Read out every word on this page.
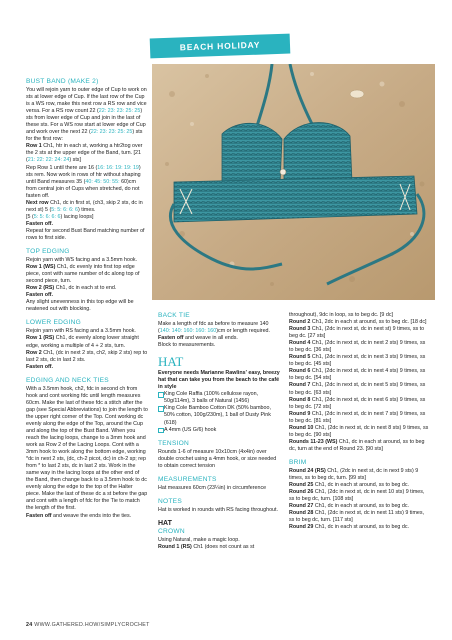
BEACH HOLIDAY
BUST BAND (MAKE 2)

You will rejoin yarn to outer edge of Cup to work on sts at lower edge of Cup. If the last row of the Cup is a WS row, make this next row a RS row and vice versa. For a RS row count 22 (22: 23: 23: 25: 25) sts from lower edge of Cup and join in the last of these sts. For a WS row start at lower edge of Cup and work over the next 22 (22: 23: 23: 25: 25) sts for the first row:

Row 1 Ch1, htr in each st, working a htr2tog over the 2 sts at the upper edge of the Band, turn. [21 (21: 22: 22: 24: 24) sts]

Rep Row 1 until there are 16 (16: 16: 19: 19: 19) sts rem. Now work in rows of htr without shaping until Band measures 35 (40: 45: 50: 55: 60)cm from central join of Cups when stretched, do not fasten off.

Next row Ch1, dc in first st, (ch3, skip 2 sts, dc in next st) 5 (5: 5: 6: 6: 6) times.

[5 (5: 5: 6: 6: 6) lacing loops]

Fasten off.

Repeat for second Bust Band matching number of rows to first side.

TOP EDGING

Rejoin yarn with WS facing and a 3.5mm hook.

Row 1 (WS) Ch1, dc evenly into first top edge piece, cont with same number of dc along top of second piece, turn.

Row 2 (RS) Ch1, dc in each st to end.

Fasten off.

Any slight unevenness in this top edge will be neatened out with blocking.

LOWER EDGING

Rejoin yarn with RS facing and a 3.5mm hook.

Row 1 (RS) Ch1, dc evenly along lower straight edge, working a multiple of 4 + 2 sts, turn.

Row 2 Ch1, (dc in next 2 sts, ch2, skip 2 sts) rep to last 2 sts, dc in last 2 sts.

Fasten off.

EDGING AND NECK TIES

With a 3.5mm hook, ch2, fdc in second ch from hook and cont working fdc until length measures 60cm. Make the last of these fdc a stitch after the gap (see Special Abbreviations) to join the length to the upper right corner of the Top. Cont working dc evenly along the edge of the Top, around the Cup and along the top of the Bust Band. When you reach the lacing loops, change to a 3mm hook and work as Row 2 of the Lacing Loops. Cont with a 3mm hook to work along the bottom edge, working *dc in next 2 sts, (dc, ch-2 picot, dc) in ch-2 sp; rep from * to last 2 sts, dc in last 2 sts. Work in the same way in the lacing loops at the other end of the Band, then change back to a 3.5mm hook to dc evenly along the edge to the top of the Halter piece. Make the last of these dc a st before the gap and cont with a length of fdc for the Tie to match the length of the first.

Fasten off and weave the ends into the ties.

BACK TIE

Make a length of fdc as before to measure 140 (140: 140: 160: 160: 160)cm or length required.

Fasten off and weave in all ends.

Block to measurements.

HAT

Everyone needs Marianne Rawlins' easy, breezy hat that can take you from the beach to the café in style

King Cole Raffia (100% cellulose rayon, 50g/114m), 3 balls of Natural (1456)
King Cole Bamboo Cotton DK (50% bamboo, 50% cotton, 100g/230m), 1 ball of Dusty Pink (618)
A 4mm (US G/6) hook
TENSION

Rounds 1-6 of measure 10x10cm (4x4in) over double crochet using a 4mm hook, or size needed to obtain correct tension

MEASUREMENTS

Hat measures 60cm (23¼in) in circumference

NOTES

Hat is worked in rounds with RS facing throughout.

HAT
CROWN

Using Natural, make a magic loop.

Round 1 (RS) Ch1 (does not count as st

throughout), 9dc in loop, ss to beg dc. [9 dc]

Round 2 Ch1, 2dc in each st around, ss to beg dc. [18 dc]

Round 3 Ch1, (2dc in next st, dc in next st) 9 times, ss to beg dc. [27 sts]

Round 4 Ch1, (2dc in next st, dc in next 2 sts) 9 times, ss to beg dc. [36 sts]

Round 5 Ch1, (2dc in next st, dc in next 3 sts) 9 times, ss to beg dc. [45 sts]

Round 6 Ch1, (2dc in next st, dc in next 4 sts) 9 times, ss to beg dc. [54 sts]

Round 7 Ch1, (2dc in next st, dc in next 5 sts) 9 times, ss to beg dc. [63 sts]

Round 8 Ch1, (2dc in next st, dc in next 6 sts) 9 times, ss to beg dc. [72 sts]

Round 9 Ch1, (2dc in next st, dc in next 7 sts) 9 times, ss to beg dc. [81 sts]

Round 10 Ch1, (2dc in next st, dc in next 8 sts) 9 times, ss to beg dc. [90 sts]

Rounds 11-23 (WS) Ch1, dc in each st around, ss to beg dc, turn at the end of Round 23. [90 sts]

BRIM

Round 24 (RS) Ch1, (2dc in next st, dc in next 9 sts) 9 times, ss to beg dc, turn. [99 sts]

Round 25 Ch1, dc in each st around, ss to beg dc.

Round 26 Ch1, (2dc in next st, dc in next 10 sts) 9 times, ss to beg dc, turn. [108 sts]

Round 27 Ch1, dc in each st around, ss to beg dc.

Round 28 Ch1, (2dc in next st, dc in next 11 sts) 9 times, ss to beg dc, turn. [117 sts]

Round 29 Ch1, dc in each st around, ss to beg dc.

24 WWW.GATHERED.HOW/SIMPLYCROCHET
